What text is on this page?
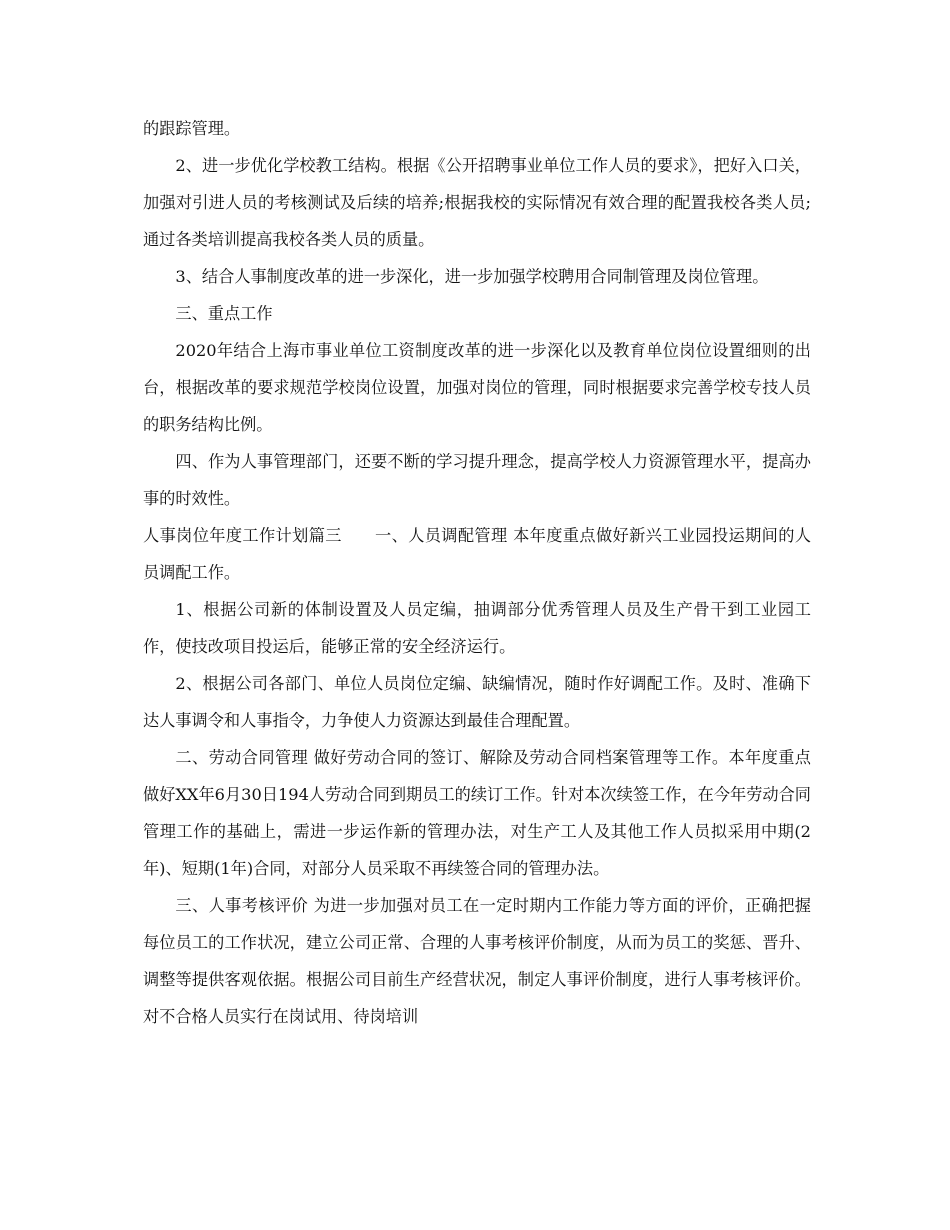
的跟踪管理。

2、进一步优化学校教工结构。根据《公开招聘事业单位工作人员的要求》，把好入口关，加强对引进人员的考核测试及后续的培养;根据我校的实际情况有效合理的配置我校各类人员;通过各类培训提高我校各类人员的质量。

3、结合人事制度改革的进一步深化，进一步加强学校聘用合同制管理及岗位管理。

三、重点工作

2020年结合上海市事业单位工资制度改革的进一步深化以及教育单位岗位设置细则的出台，根据改革的要求规范学校岗位设置，加强对岗位的管理，同时根据要求完善学校专技人员的职务结构比例。

四、作为人事管理部门，还要不断的学习提升理念，提高学校人力资源管理水平，提高办事的时效性。

人事岗位年度工作计划篇三　　一、人员调配管理 本年度重点做好新兴工业园投运期间的人员调配工作。

1、根据公司新的体制设置及人员定编，抽调部分优秀管理人员及生产骨干到工业园工作，使技改项目投运后，能够正常的安全经济运行。

2、根据公司各部门、单位人员岗位定编、缺编情况，随时作好调配工作。及时、准确下达人事调令和人事指令，力争使人力资源达到最佳合理配置。

二、劳动合同管理 做好劳动合同的签订、解除及劳动合同档案管理等工作。本年度重点做好XX年6月30日194人劳动合同到期员工的续订工作。针对本次续签工作，在今年劳动合同管理工作的基础上，需进一步运作新的管理办法，对生产工人及其他工作人员拟采用中期(2年)、短期(1年)合同，对部分人员采取不再续签合同的管理办法。

三、人事考核评价 为进一步加强对员工在一定时期内工作能力等方面的评价，正确把握每位员工的工作状况，建立公司正常、合理的人事考核评价制度，从而为员工的奖惩、晋升、调整等提供客观依据。根据公司目前生产经营状况，制定人事评价制度，进行人事考核评价。对不合格人员实行在岗试用、待岗培训
